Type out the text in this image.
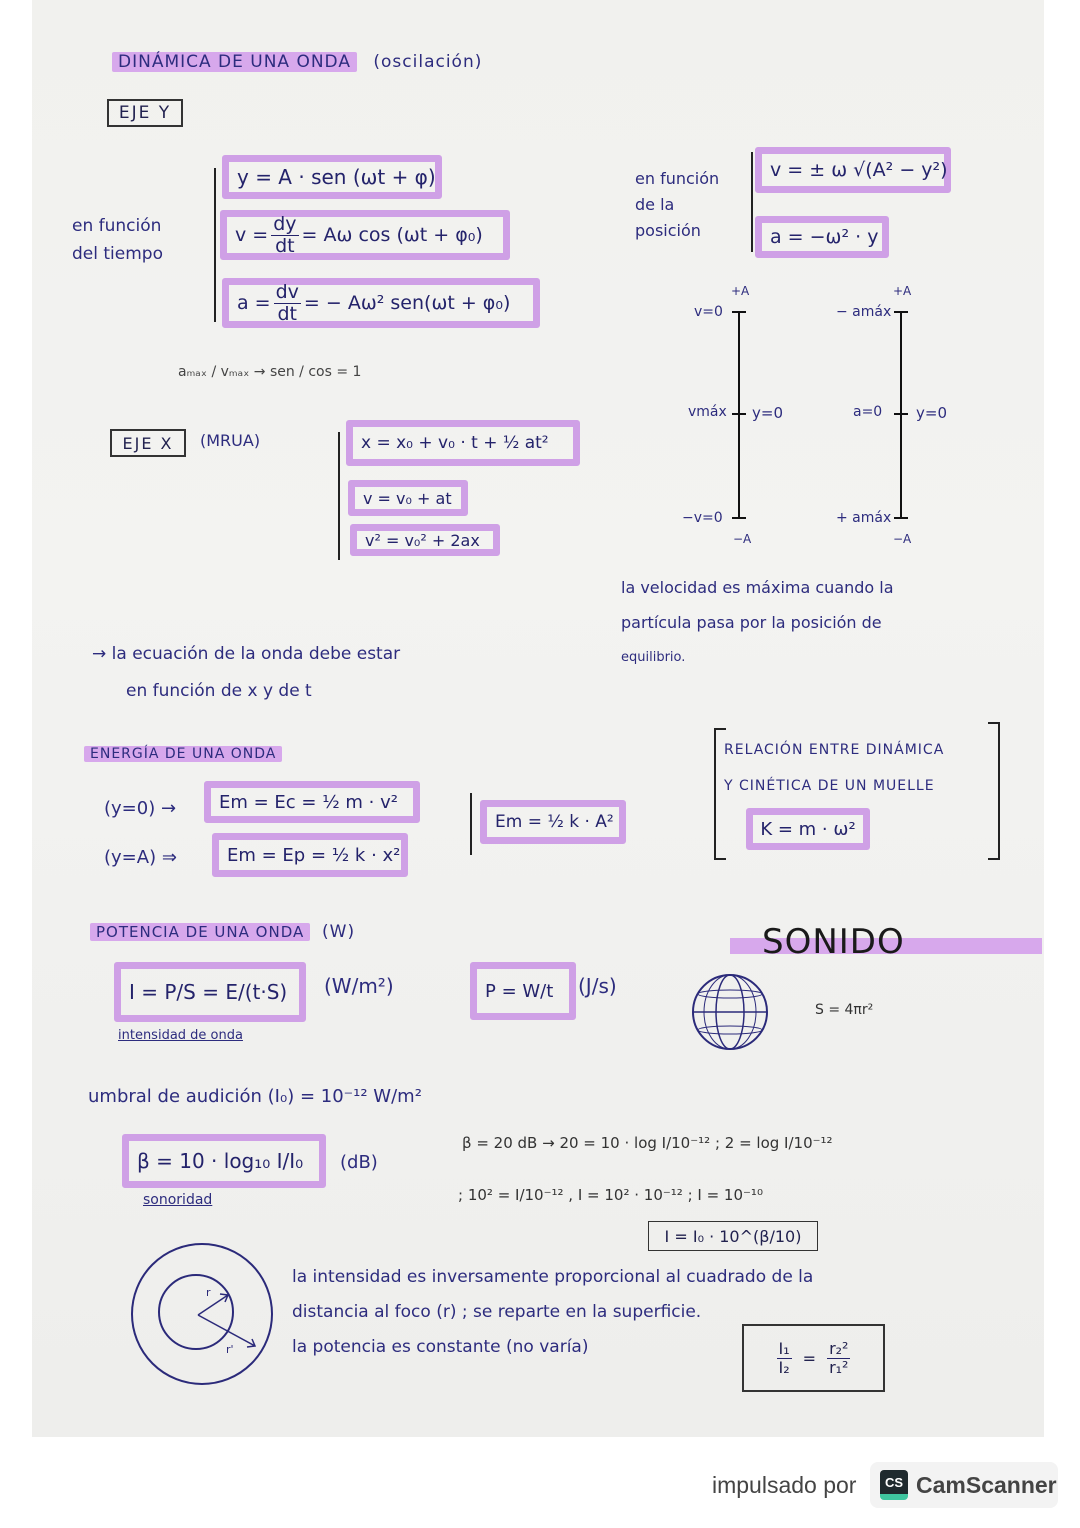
DINÁMICA DE UNA ONDA (oscilación)
EJE Y
en función
del tiempo
y = A · sen (ωt + φ)
$v = \frac{dy}{dt} = A\omega$ cos (ωt + φ₀)
$a = \frac{dv}{dt}$ = − Aω² sen(ωt + φ₀)
aₘₐₓ / vₘₐₓ → sen / cos = 1
en función
de la
posición
v = ± ω √(A² − y²)
a = −ω² · y
+A
v=0
vmáx y=0
−v=0
−A
+A
− amáx
a=0 y=0
+ amáx
−A
la velocidad es máxima cuando la
partícula pasa por la posición de
equilibrio.
EJE X	(MRUA)	x = x₀ + v₀ · t + ½ at²
v = v₀ + at
v² = v₀² + 2ax
→ la ecuación de la onda debe estar
en función de x y de t
ENERGÍA DE UNA ONDA
(y=0) →	Em = Ec = ½ m · v²
(y=A) ⇒	Em = Ep = ½ k · x²
Em = ½ k · A²
RELACIÓN ENTRE DINÁMICA
Y CINÉTICA DE UN MUELLE
K = m · ω²
POTENCIA DE UNA ONDA (W)
I = P/S = E/(t·S)	(W/m²)
intensidad de onda
P = W/t	(J/s)
umbral de audición (I₀) = 10⁻¹² W/m²
SONIDO
S = 4πr²
β = 10 · log₁₀ I/I₀	(dB)
sonoridad
β = 20 dB → 20 = 10 · log I/10⁻¹² ; 2 = log I/10⁻¹²
; 10² = I/10⁻¹² , I = 10² · 10⁻¹² ; I = 10⁻¹⁰
I = I₀ · 10^(β/10)
r
r'
la intensidad es inversamente proporcional al cuadrado de la
distancia al foco (r) ; se reparte en la superficie.
la potencia es constante (no varía)	$\frac{\text{I₁}}{\text{I₂}} = \frac{\text{r₂²}}{\text{r₁²}}$
impulsado por	CS CamScanner
